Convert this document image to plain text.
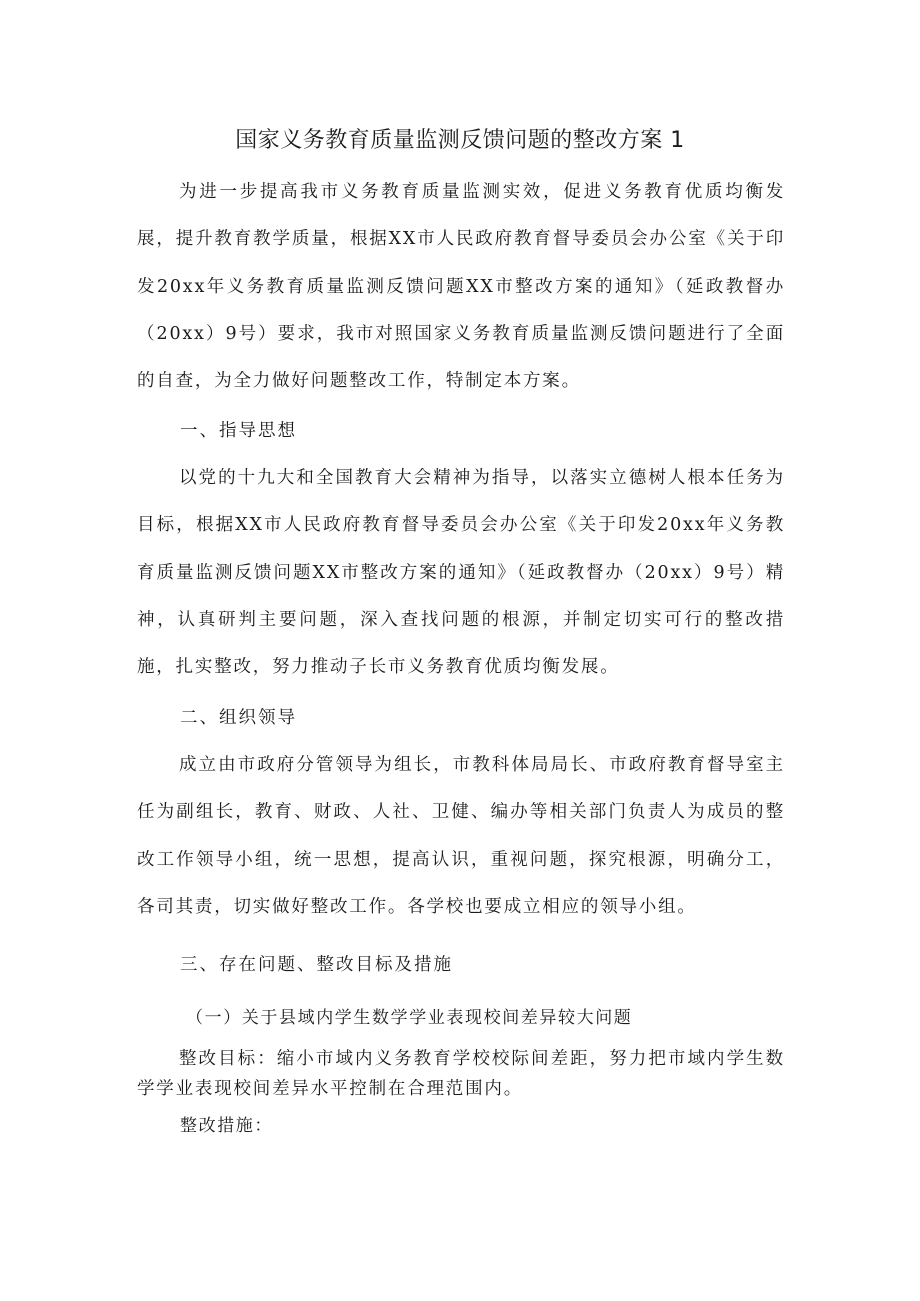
国家义务教育质量监测反馈问题的整改方案 1

为进一步提高我市义务教育质量监测实效，促进义务教育优质均衡发展，提升教育教学质量，根据XX市人民政府教育督导委员会办公室《关于印发20xx年义务教育质量监测反馈问题XX市整改方案的通知》（延政教督办（20xx）9号）要求，我市对照国家义务教育质量监测反馈问题进行了全面的自查，为全力做好问题整改工作，特制定本方案。

一、指导思想

以党的十九大和全国教育大会精神为指导，以落实立德树人根本任务为目标，根据XX市人民政府教育督导委员会办公室《关于印发20xx年义务教育质量监测反馈问题XX市整改方案的通知》（延政教督办（20xx）9号）精神，认真研判主要问题，深入查找问题的根源，并制定切实可行的整改措施，扎实整改，努力推动子长市义务教育优质均衡发展。

二、组织领导

成立由市政府分管领导为组长，市教科体局局长、市政府教育督导室主任为副组长，教育、财政、人社、卫健、编办等相关部门负责人为成员的整改工作领导小组，统一思想，提高认识，重视问题，探究根源，明确分工，各司其责，切实做好整改工作。各学校也要成立相应的领导小组。

三、存在问题、整改目标及措施

（一）关于县域内学生数学学业表现校间差异较大问题

整改目标：缩小市域内义务教育学校校际间差距，努力把市域内学生数学学业表现校间差异水平控制在合理范围内。

整改措施：
